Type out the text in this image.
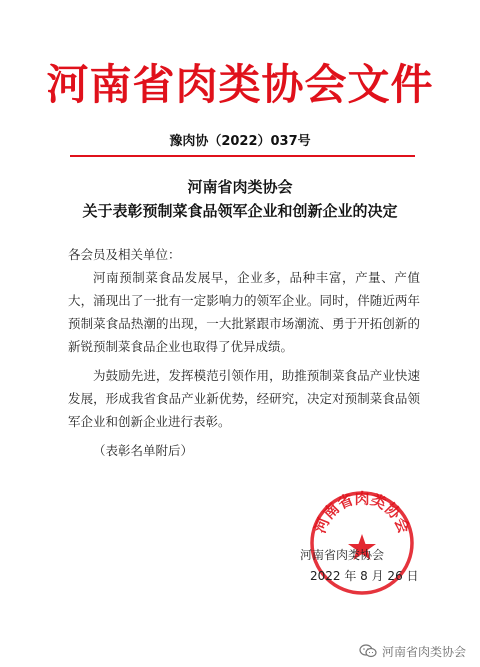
河南省肉类协会文件
豫肉协（2022）037号
河南省肉类协会
关于表彰预制菜食品领军企业和创新企业的决定

各会员及相关单位：

河南预制菜食品发展早，企业多，品种丰富，产量、产值大，涌现出了一批有一定影响力的领军企业。同时，伴随近两年预制菜食品热潮的出现，一大批紧跟市场潮流、勇于开拓创新的新锐预制菜食品企业也取得了优异成绩。

为鼓励先进，发挥模范引领作用，助推预制菜食品产业快速发展，形成我省食品产业新优势，经研究，决定对预制菜食品领军企业和创新企业进行表彰。

（表彰名单附后）

河南省肉类协会
河南省肉类协会
2022 年 8 月 26 日
河南省肉类协会
